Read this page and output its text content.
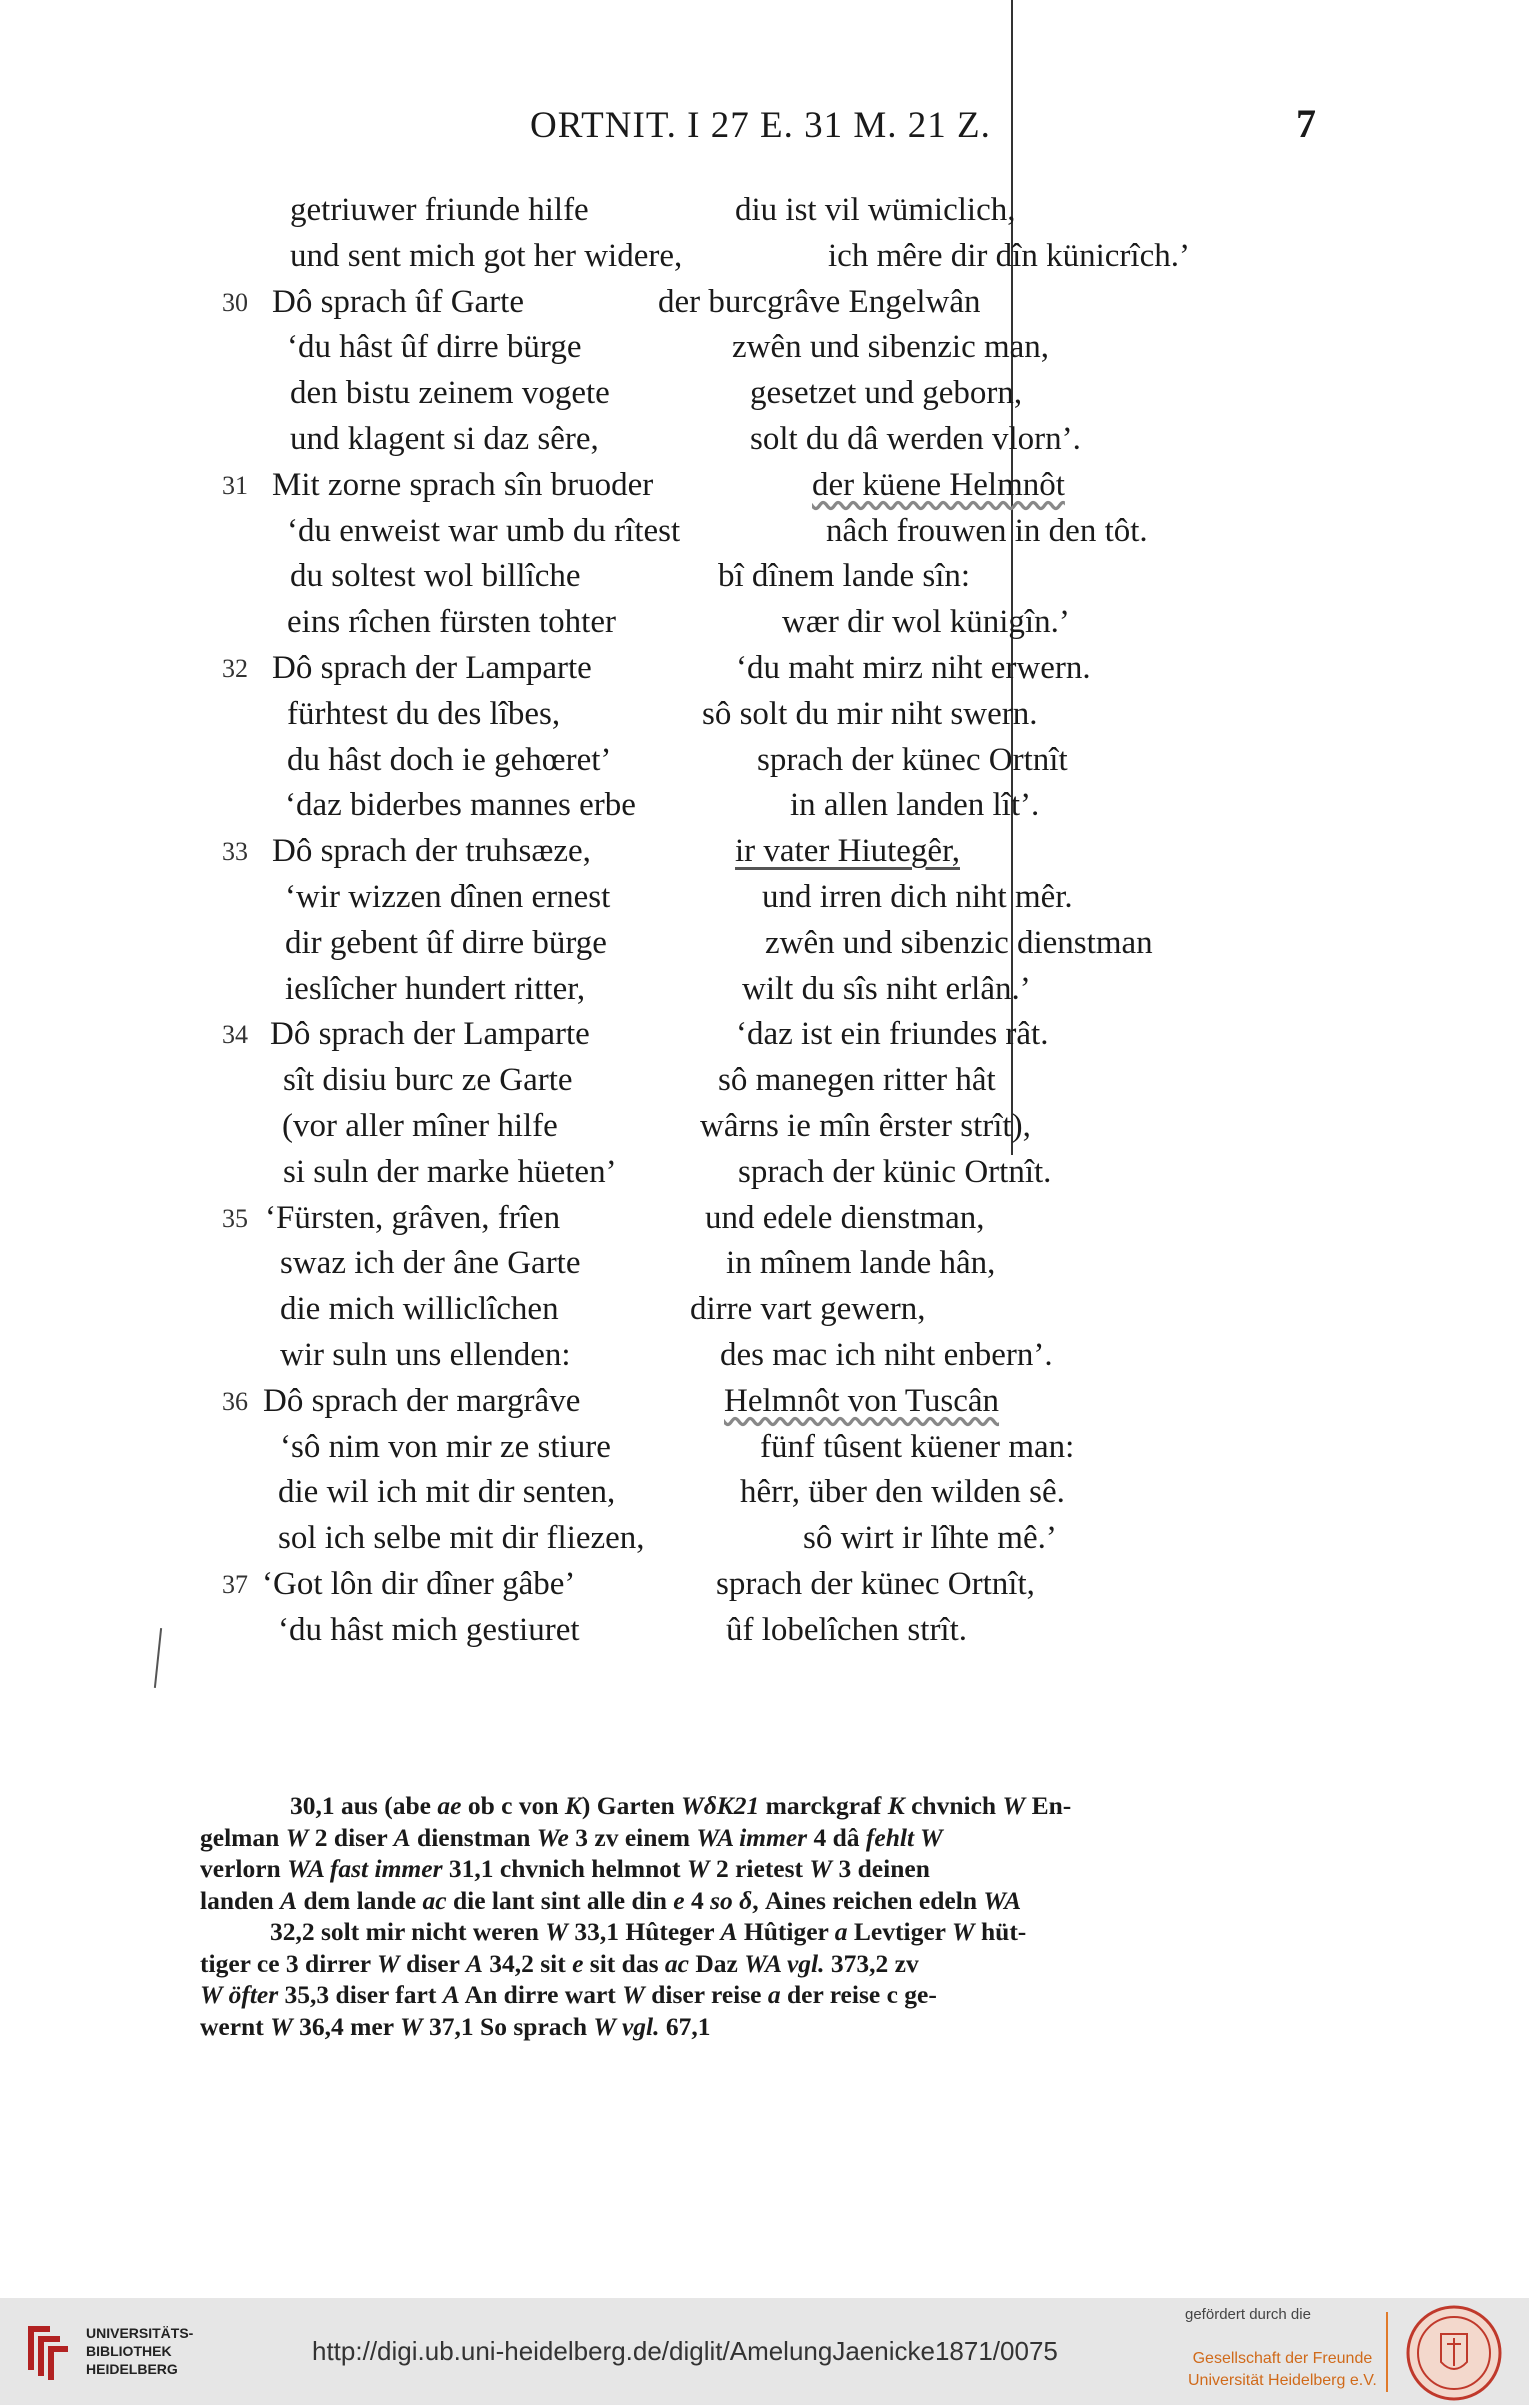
ORTNIT. I 27 E. 31 M. 21 Z.	7
getriuwer friunde hilfe	diu ist vil wümiclich,
und sent mich got her widere,	ich mêre dir dîn künicrîch.’
30 Dô sprach ûf Garte	der burcgrâve Engelwân
‘du hâst ûf dirre bürge	zwên und sibenzic man,
den bistu zeinem vogete	gesetzet und geborn,
und klagent si daz sêre,	solt du dâ werden vlorn’.
31 Mit zorne sprach sîn bruoder	der küene Helmnôt
‘du enweist war umb du rîtest	nâch frouwen in den tôt.
du soltest wol billîche	bî dînem lande sîn:
eins rîchen fürsten tohter	wær dir wol künigîn.’
32 Dô sprach der Lamparte	‘du maht mirz niht erwern.
fürhtest du des lîbes,	sô solt du mir niht swern.
du hâst doch ie gehœret’	sprach der künec Ortnît
‘daz biderbes mannes erbe	in allen landen lît’.
33 Dô sprach der truhsæze,	ir vater Hiutegêr,
‘wir wizzen dînen ernest	und irren dich niht mêr.
dir gebent ûf dirre bürge	zwên und sibenzic dienstman
ieslîcher hundert ritter,	wilt du sîs niht erlân.’
34 Dô sprach der Lamparte	‘daz ist ein friundes rât.
sît disiu burc ze Garte	sô manegen ritter hât
(vor aller mîner hilfe	wârns ie mîn êrster strît),
si suln der marke hüeten’	sprach der künic Ortnît.
35 ‘Fürsten, grâven, frîen	und edele dienstman,
swaz ich der âne Garte	in mînem lande hân,
die mich williclîchen	dirre vart gewern,
wir suln uns ellenden:	des mac ich niht enbern’.
36 Dô sprach der margrâve	Helmnôt von Tuscân
‘sô nim von mir ze stiure	fünf tûsent küener man:
die wil ich mit dir senten,	hêrr, über den wilden sê.
sol ich selbe mit dir fliezen,	sô wirt ir lîhte mê.’
37 ‘Got lôn dir dîner gâbe’	sprach der künec Ortnît,
‘du hâst mich gestiuret	ûf lobelîchen strît.
30,1 aus (abe ae ob c von K) Garten WδK21 marckgraf K chvnich W En-
gelman W 2 diser A dienstman We 3 zv einem WA immer 4 dâ fehlt W
verlorn WA fast immer 31,1 chvnich helmnot W 2 rietest W 3 deinen
landen A dem lande ac die lant sint alle din e 4 so δ, Aines reichen edeln WA
32,2 solt mir nicht weren W 33,1 Hûteger A Hûtiger a Levtiger W hüt-
tiger ce 3 dirrer W diser A 34,2 sit e sit das ac Daz WA vgl. 373,2 zv
W öfter 35,3 diser fart A An dirre wart W diser reise a der reise c ge-
wernt W 36,4 mer W 37,1 So sprach W vgl. 67,1
UNIVERSITÄTS-
BIBLIOTHEK
HEIDELBERG
http://digi.ub.uni-heidelberg.de/diglit/AmelungJaenicke1871/0075
gefördert durch die
Gesellschaft der Freunde
Universität Heidelberg e.V.
